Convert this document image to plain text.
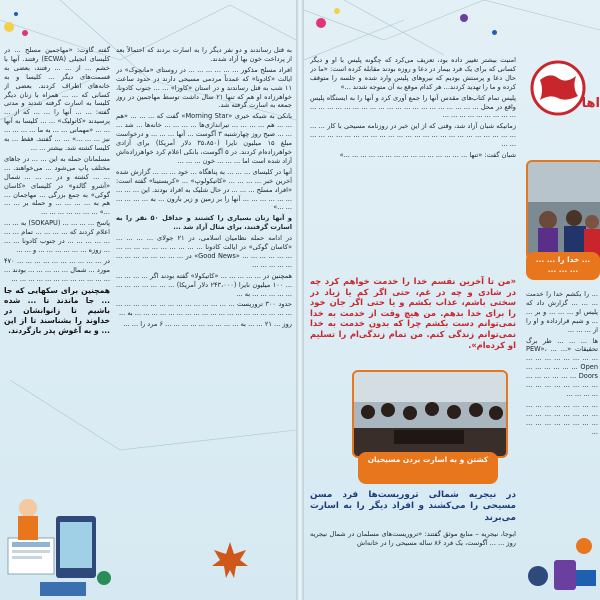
گفته گاوت: «مهاجمین مسلح ... در کلیسای انجیلی (ECWA) رفتند. آنها با خشم ... از ... ... رفتند، بعضی به قسمت‌های دیگر ... کلیسا و به خانه‌های اطراف کردند. بعضی از کسانی که ... ... همراه با زنان دیگر کلیسا به اسارت گرفته شدند و مدتی گفته: ... ... آنها را ... ... که از ... پرسیدند «کاتولیک» ... ... کلیسا به آنها ... ... «مهمانی ... ... به ما ... ... ... ... نیز ... ... ...» ... ... گفتند. فقط ... به کلیسا کشته شد. بیشتر ... ...

مسلمانان حمله به این ... ... در جاهای مختلف پاپ می‌شود ... می‌خواهند. ... ... ... کشته و در ... ... ... شمال «آشرو گالدو» در کلیسای «کاسان گوکی» به جمع بزرگی ... مهاجمان ... هم به ... ... ... ... و حمله بر ... ... ...» ... ... ... ... ... ... ...

پاسخ ... ... ... ... (SOKAPU) به ... ... اعلام کردند که ... ... ... ... تمام ... ... ... ... ... ... ... در جنوب کادونا ... ... ... روزه ... ... ... ... ... ... و ... ...

در ... ... ... ... ... ... ... ... ... ... ۴۷۰ مورد ... شمال ... ... ... ... ... بودند ... ... ... ... ... ... ... ... ... ... ... ... ...

همچنین برای سکهایی که جا ... جا ماندند تا ... شده باشیم تا زانوانشان در خداوند را بشناسند تا از این ... و به آغوش پدر بازگردند.

به قتل رساندند و دو نفر دیگر را به اسارت بردند که احتمالاً بعد از پرداخت خون بها آزاد شدند.

افراد مسلح مذکور ... ... ... ... ... ... در روستای «مانچوک» در ایالت «کادونا» که عمدتاً مردمی مسیحی دارند در حدود ساعت ۱۱ شب به قتل رساندند و در استان «کاورا» ... ... جنوب کادونا، خواهرزاده او هم که تنها ۲۱ سال داشت توسط مهاجمین در روز جمعه به اسارت گرفته شد.

بانکی به شبکه خبری «Morning Star» گفت که ... ... ... «هم ... ... هم ... ... ... ... تیراندازی‌ها ... ... ... ... خانه‌ها ... شد ... ... ... صبح روز چهارشنبه ۳ آگوست ... آنها ... ... ... و درخواست مبلغ ۱۵ میلیون نایرا (۳۵،۸۵۰ دلار آمریکا) برای آزادی خواهرزاده‌ام کردند. در ۵ آگوست، بانکی اعلام کرد خواهرزاده‌اش آزاد شده است اما ... ... ... خون ... ... ...

آنها در کلیسای ... ... ... به پناهگاه ... خود ... ... ... گزارش شده آخرین خبر ... ... ... ... «کاتیکولوپ» ... «کریستینا» گفته است: «افراد مسلح ... ... ... در حال شلیک به افراد بودند. این ... ... ... ... ... ... ... ... ... آنها را بر زمین و زیر بارون ... به ... ... ... ... ... ...»

و آنها زنان بسیاری را کشتند و حداقل ۵۰ نفر را به اسارت گرفتند، برای مثال آزاد شد ...

در ادامه حمله نظامیان اسلامی، در ۲۱ جولای ... ... ... ... «کاسان گوکی» در ایالت کادونا ... ... ... ... ... ... ... ... ... ... ... ... ... ... ... ... «Good News» در ... ... ... ... ... ... ... ... ... ... ... ... ...

همچنین در ... ... ... ... ... «کاتیکولا» گفته بودند اگر ... ... ... ... ... ۱۰۰ میلیون نایرا (۲۴۳،۰۰۰ دلار آمریکا) ... ... ... ... ... ... ... ... ... ... ... ... به ...

حدود ۳۰۰ تروریست ... ... ... ... ... ... ... ... ... ... ... ... ... ... ... ... ... ... ... ... ... ... ... ... ... ... ... ... ... ... ... ... ... به ...

روز ... ۲۱ ... ... به ... ... ... ... ... ... ... ... ... ۶ مرد را ... ...

اها

امنیت بیشتر تغییر داده بود، تعریف می‌کرد که چگونه پلیس با او و دیگر کسانی که برای یک فرد بیمار در دعا و روزه بودند مقابله کرده است: «ما در حال دعا و پرستش بودیم که نیروهای پلیس وارد شده و جلسه را متوقف کرده و ما را تهدید کردند... هر کدام موقع به آن متوجه شدند ...»

پلیس تمام کتاب‌های مقدس آنها را جمع آوری کرد و آنها را به ایستگاه پلیس واقع در محل ... ... ... ... ... ... ... ... ... ... ... ... ... ... ... ... ... ... ... ... ... ... ... ... ... ... ... ... ...

زمانیکه شبان آزاد شد، وقتی که از این خبر در روزنامه مسیحی با کار ... ... ... ... ... ... ... ... ... ... ... ... ... ... ... ... ... ... ... ... ... ... ... ... ... ... ... ...

شبان گفت: «تنها ... ... ... ... ... ... ... ... ... ... ... ... ... ... ...»

«من تا آخرین نفسم خدا را خدمت خواهم کرد چه در شادی و چه در غم، حتی اگر کم یا زیاد در سختی باشم، عذاب بکشم و یا حتی اگر جان خود را برای خدا بدهم. من هیچ وقت از خدمت به خدا نمی‌توانم دست بکشم چرا که بدون خدمت به خدا نمی‌توانم زندگی کنم. من تمام زندگی‌ام را تسلیم او کرده‌ام».
... خدا را ... ... ... ... ...

... را بکشم خدا را خدمت ... ... ... گزارش داد که پلیس او ... ... ... و بر ... ... و شبم قرارداده و او را از ... ... ...

ها ... ... ... طر برگ تحقیقات «PEW»، ... ... ... ... ... ... ... ... ... ... ... ... ... ... ... ... Open Doors ... ... ... ... ... ... ... ... ... ... ... ... ... ... ... ... ... ...

... ... ... ... ... ... ... ... ... ... ... ... ... ... ... ... ... ... ... ... ... ... ... ... ...

کشتن و به اسارت بردن مسیحیان
در نیجریه شمالی تروریست‌ها فرد مسن مسیحی را می‌کشند و افراد دیگر را به اسارت می‌برند
ابوجا، نیجریه – منابع موثق گفتند: «تروریست‌های مسلمان در شمال نیجریه روز ... ... آگوست، یک فرد ۸۶ ساله مسیحی را در خانه‌اش
